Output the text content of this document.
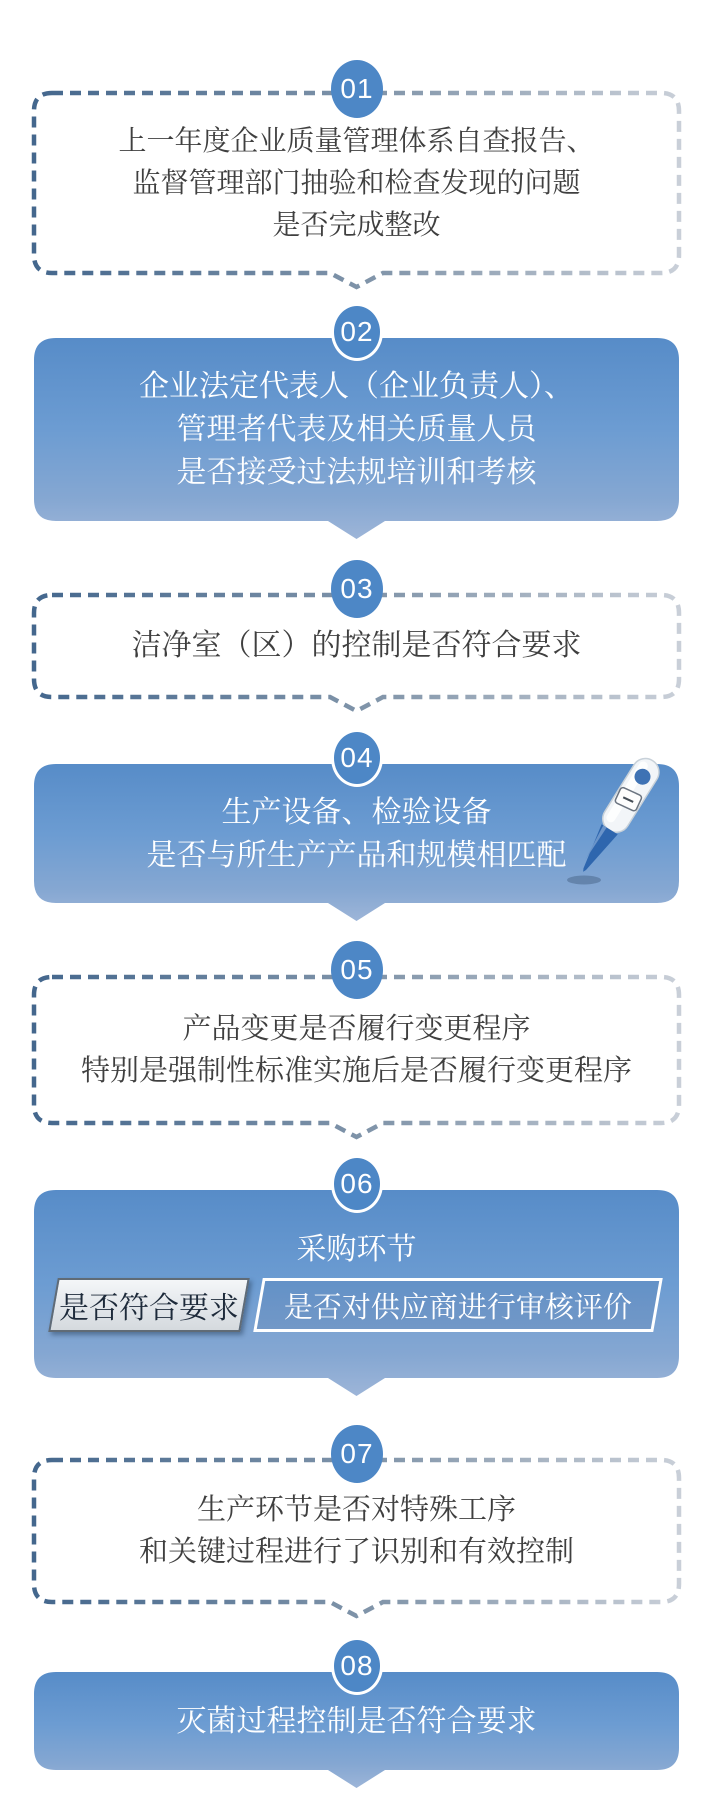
01
上一年度企业质量管理体系自查报告、
监督管理部门抽验和检查发现的问题
是否完成整改
02
企业法定代表人（企业负责人）、
管理者代表及相关质量人员
是否接受过法规培训和考核
03
洁净室（区）的控制是否符合要求
04
生产设备、检验设备
是否与所生产产品和规模相匹配
05
产品变更是否履行变更程序
特别是强制性标准实施后是否履行变更程序
06
采购环节
是否符合要求 是否对供应商进行审核评价
07
生产环节是否对特殊工序
和关键过程进行了识别和有效控制
08
灭菌过程控制是否符合要求
